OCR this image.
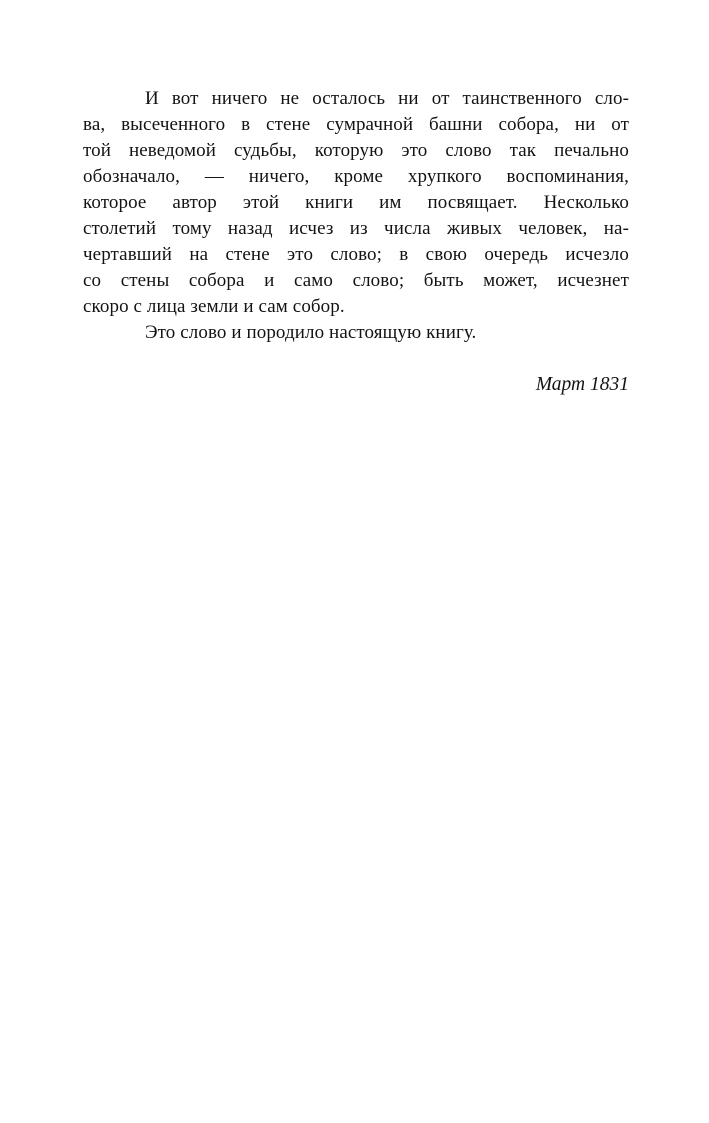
И вот ничего не осталось ни от таинственного сло-

ва, высеченного в стене сумрачной башни собора, ни от

той неведомой судьбы, которую это слово так печально

обозначало, — ничего, кроме хрупкого воспоминания,

которое автор этой книги им посвящает. Несколько

столетий тому назад исчез из числа живых человек, на-

чертавший на стене это слово; в свою очередь исчезло

со стены собора и само слово; быть может, исчезнет

скоро с лица земли и сам собор.

Это слово и породило настоящую книгу.

Март 1831
